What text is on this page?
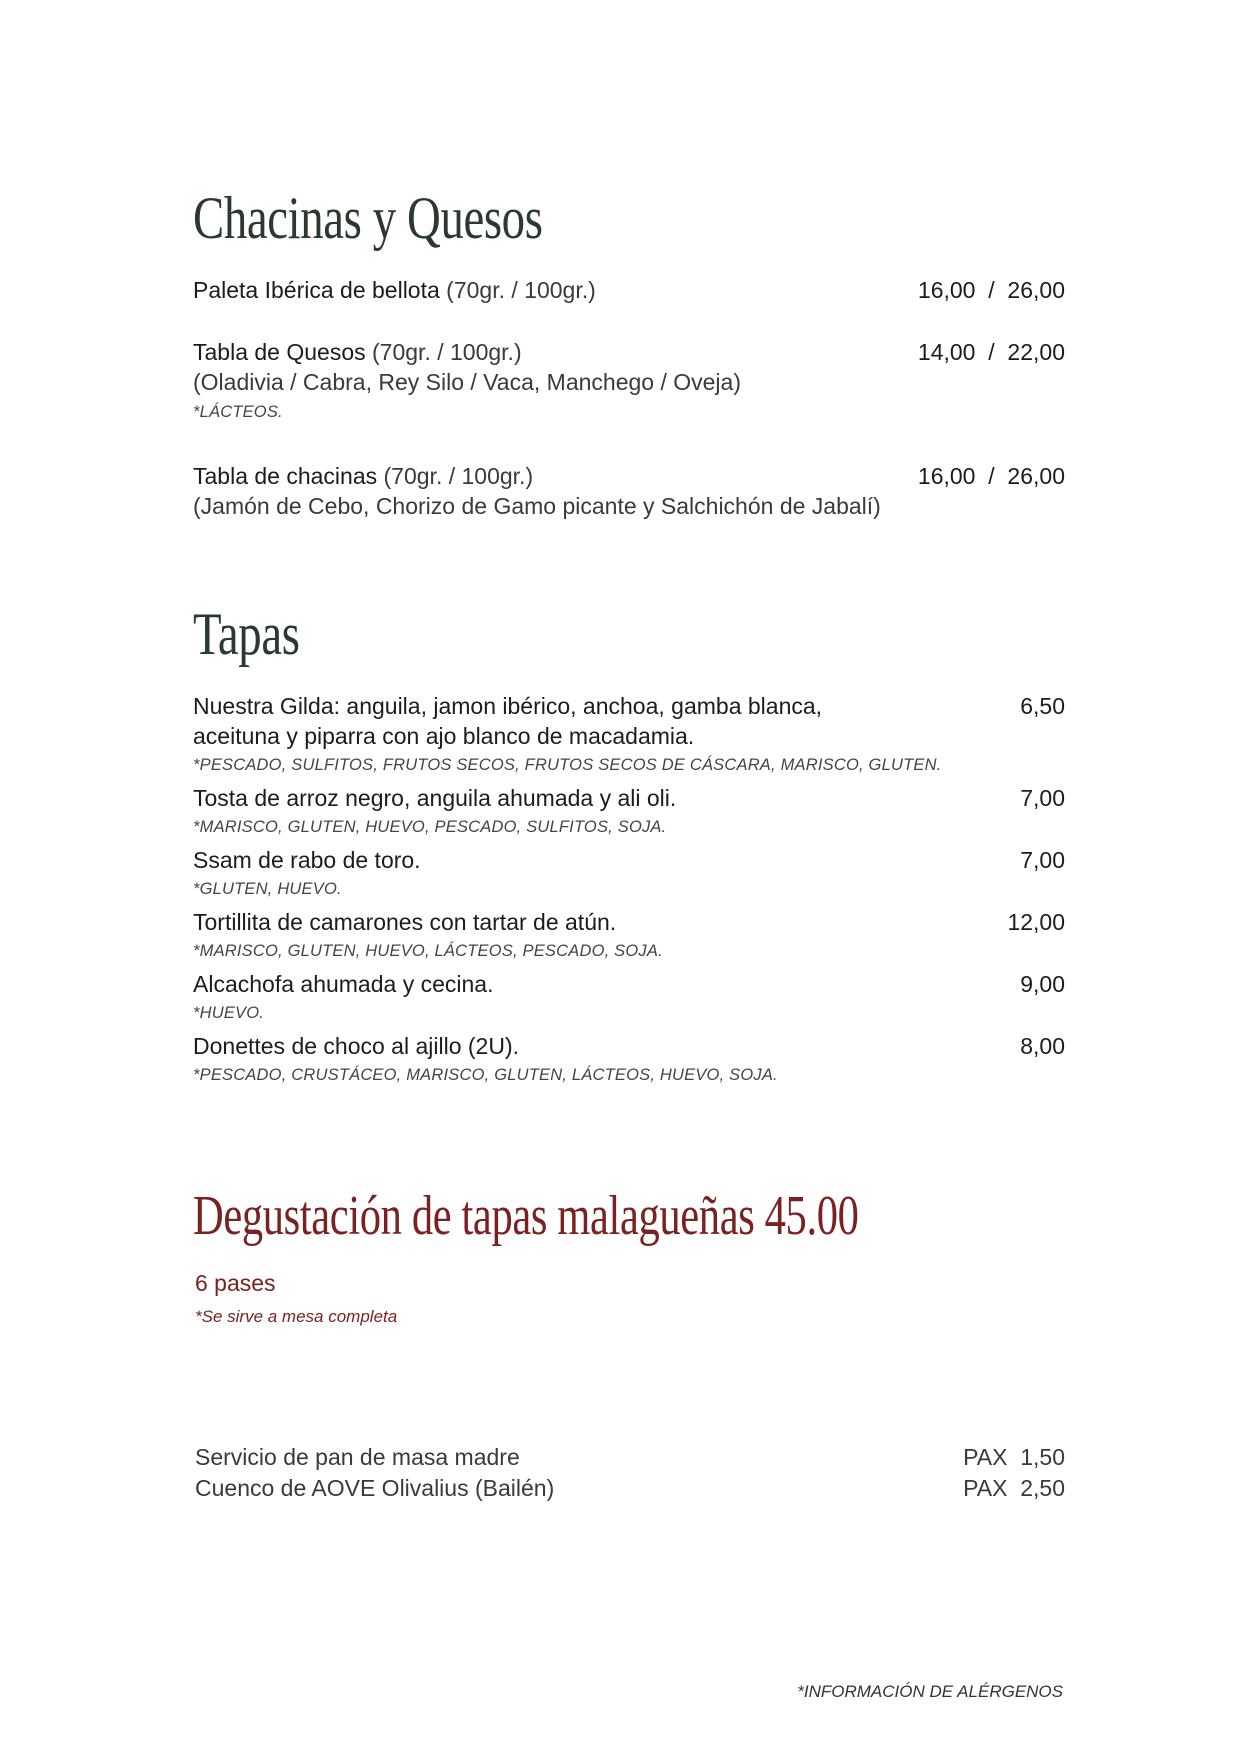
Chacinas y Quesos
Paleta Ibérica de bellota (70gr. / 100gr.)	16,00  /  26,00
Tabla de Quesos (70gr. / 100gr.)	14,00  /  22,00
(Oladivia / Cabra, Rey Silo / Vaca, Manchego / Oveja)
*LÁCTEOS.
Tabla de chacinas (70gr. / 100gr.)	16,00  /  26,00
(Jamón de Cebo, Chorizo de Gamo picante y Salchichón de Jabalí)
Tapas
Nuestra Gilda: anguila, jamon ibérico, anchoa, gamba blanca,	6,50
aceituna y piparra con ajo blanco de macadamia.
*PESCADO, SULFITOS, FRUTOS SECOS, FRUTOS SECOS DE CÁSCARA, MARISCO, GLUTEN.
Tosta de arroz negro, anguila ahumada y ali oli.	7,00
*MARISCO, GLUTEN, HUEVO, PESCADO, SULFITOS, SOJA.
Ssam de rabo de toro.	7,00
*GLUTEN, HUEVO.
Tortillita de camarones con tartar de atún.	12,00
*MARISCO, GLUTEN, HUEVO, LÁCTEOS, PESCADO, SOJA.
Alcachofa ahumada y cecina.	9,00
*HUEVO.
Donettes de choco al ajillo (2U).	8,00
*PESCADO, CRUSTÁCEO, MARISCO, GLUTEN, LÁCTEOS, HUEVO, SOJA.
Degustación de tapas malagueñas 45.00
6 pases
*Se sirve a mesa completa
Servicio de pan de masa madre	PAX  1,50
Cuenco de AOVE Olivalius (Bailén)	PAX  2,50
*INFORMACIÓN DE ALÉRGENOS
